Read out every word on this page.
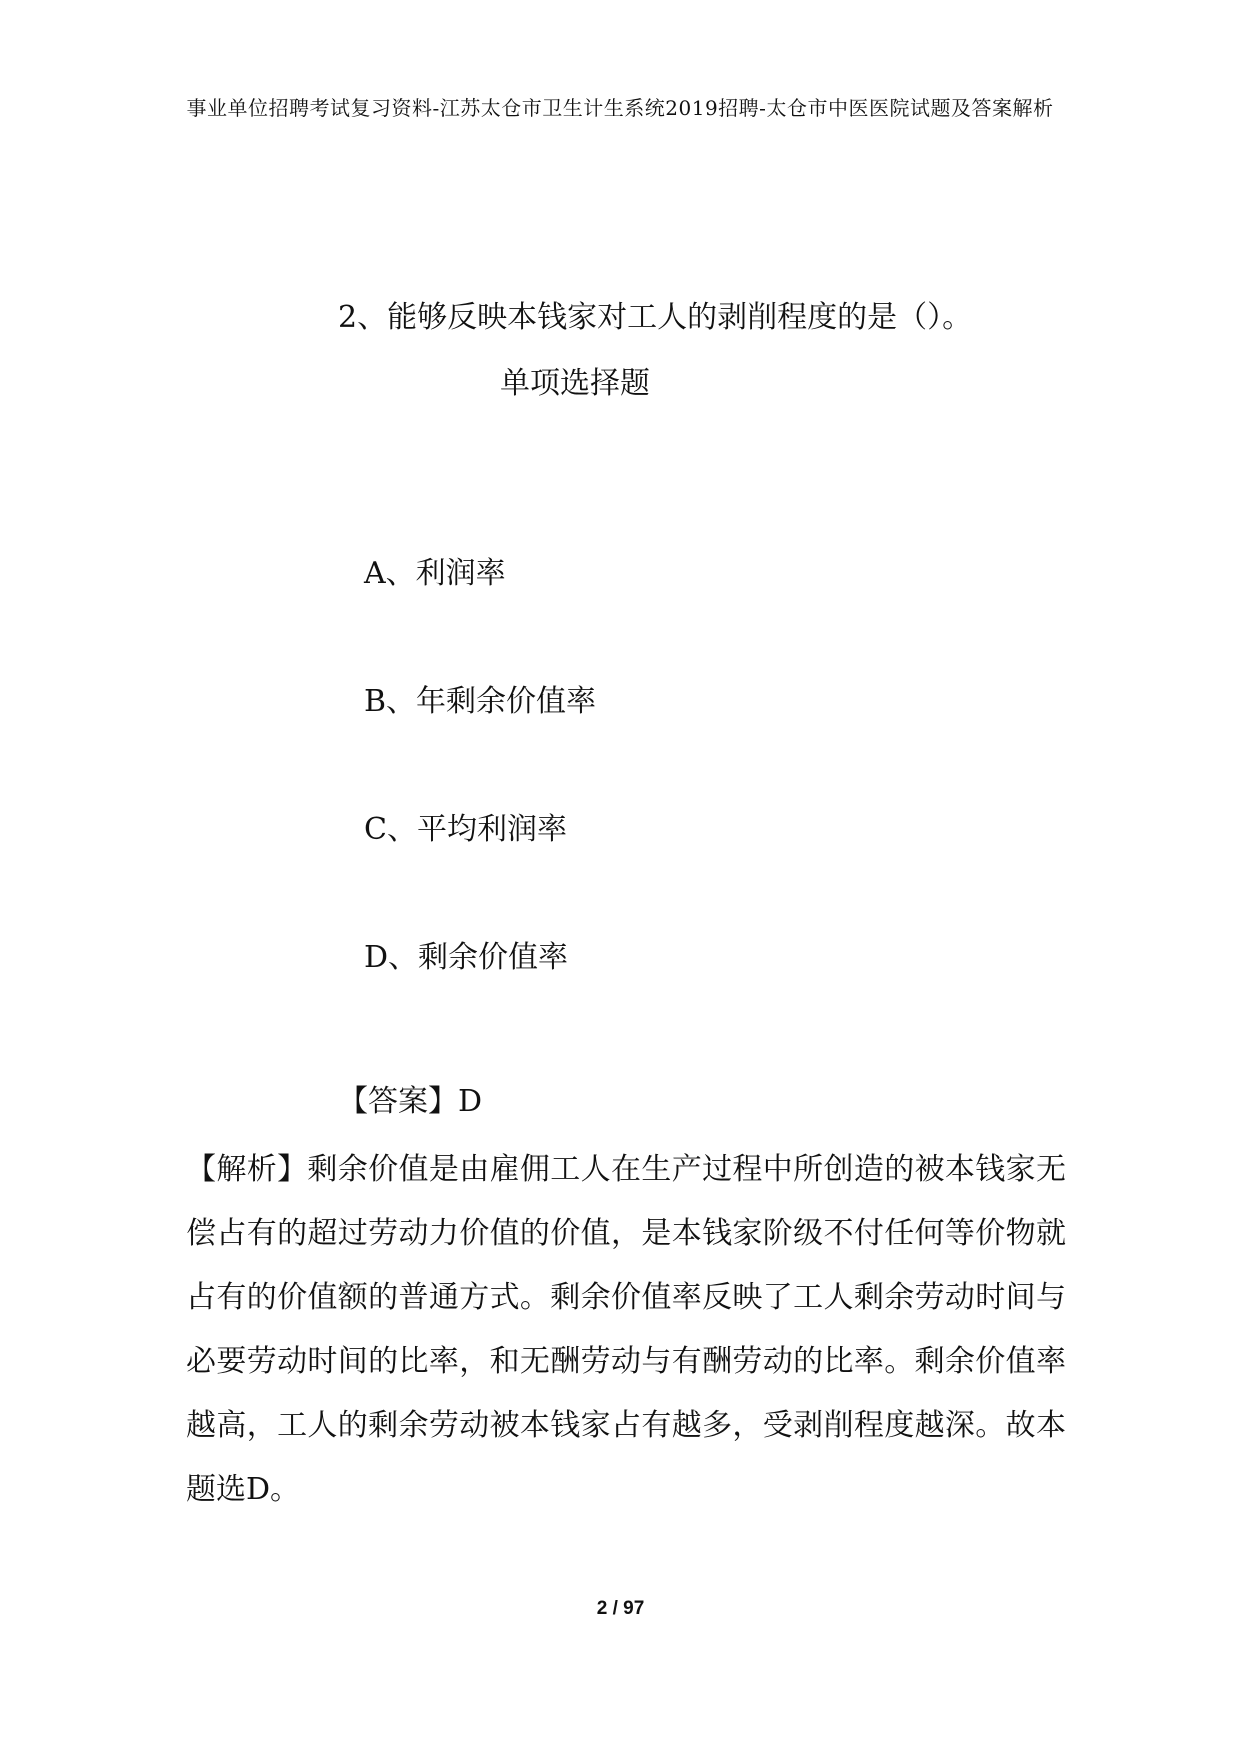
事业单位招聘考试复习资料-江苏太仓市卫生计生系统2019招聘-太仓市中医医院试题及答案解析
2、能够反映本钱家对工人的剥削程度的是（）。
单项选择题
A、利润率
B、年剩余价值率
C、平均利润率
D、剩余价值率
【答案】D

【解析】剩余价值是由雇佣工人在生产过程中所创造的被本钱家无偿占有的超过劳动力价值的价值，是本钱家阶级不付任何等价物就占有的价值额的普通方式。剩余价值率反映了工人剩余劳动时间与必要劳动时间的比率，和无酬劳动与有酬劳动的比率。剩余价值率越高，工人的剩余劳动被本钱家占有越多，受剥削程度越深。故本题选D。

2 / 97
